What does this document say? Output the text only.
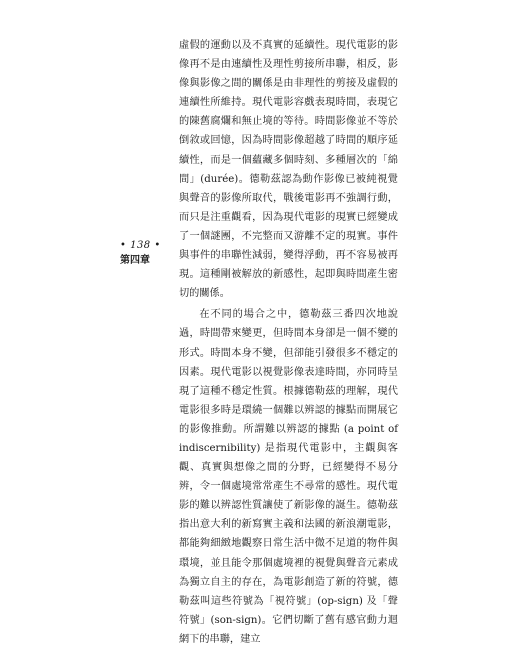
• 138 •
第四章

虛假的運動以及不真實的延續性。現代電影的影像再不是由連續性及理性剪接所串聯，相反，影像與影像之間的關係是由非理性的剪接及虛假的連續性所維持。現代電影容戲表現時間，表現它的陳舊腐爛和無止境的等待。時間影像並不等於倒敘或回憶，因為時間影像超越了時間的順序延續性，而是一個蘊藏多個時刻、多種層次的「綿間」(durée)。德勒茲認為動作影像已被純視覺與聲音的影像所取代，戰後電影再不強調行動，而只是注重觀看，因為現代電影的現實已經變成了一個謎團，不完整而又游離不定的現實。事件與事件的串聯性減弱，變得浮動，再不容易被再現。這種剛被解放的新感性，起即與時間產生密切的關係。

在不同的場合之中，德勒茲三番四次地說過，時間帶來變更，但時間本身卻是一個不變的形式。時間本身不變，但卻能引發很多不穩定的因素。現代電影以視覺影像表達時間，亦同時呈現了這種不穩定性質。根據德勒茲的理解，現代電影很多時是環繞一個難以辨認的據點而開展它的影像推動。所謂難以辨認的據點 (a point of indiscernibility) 是指現代電影中，主觀與客觀、真實與想像之間的分野，已經變得不易分辨，令一個處境常常產生不尋常的感性。現代電影的難以辨認性質讓使了新影像的誕生。德勒茲指出意大利的新寫實主義和法國的新浪潮電影，都能夠細緻地觀察日常生活中微不足道的物件與環境，並且能令那個處境裡的視覺與聲音元素成為獨立自主的存在，為電影創造了新的符號，德勒茲叫這些符號為「視符號」(op-sign) 及「聲符號」(son-sign)。它們切斷了舊有感官動力迴網下的串聯，建立
